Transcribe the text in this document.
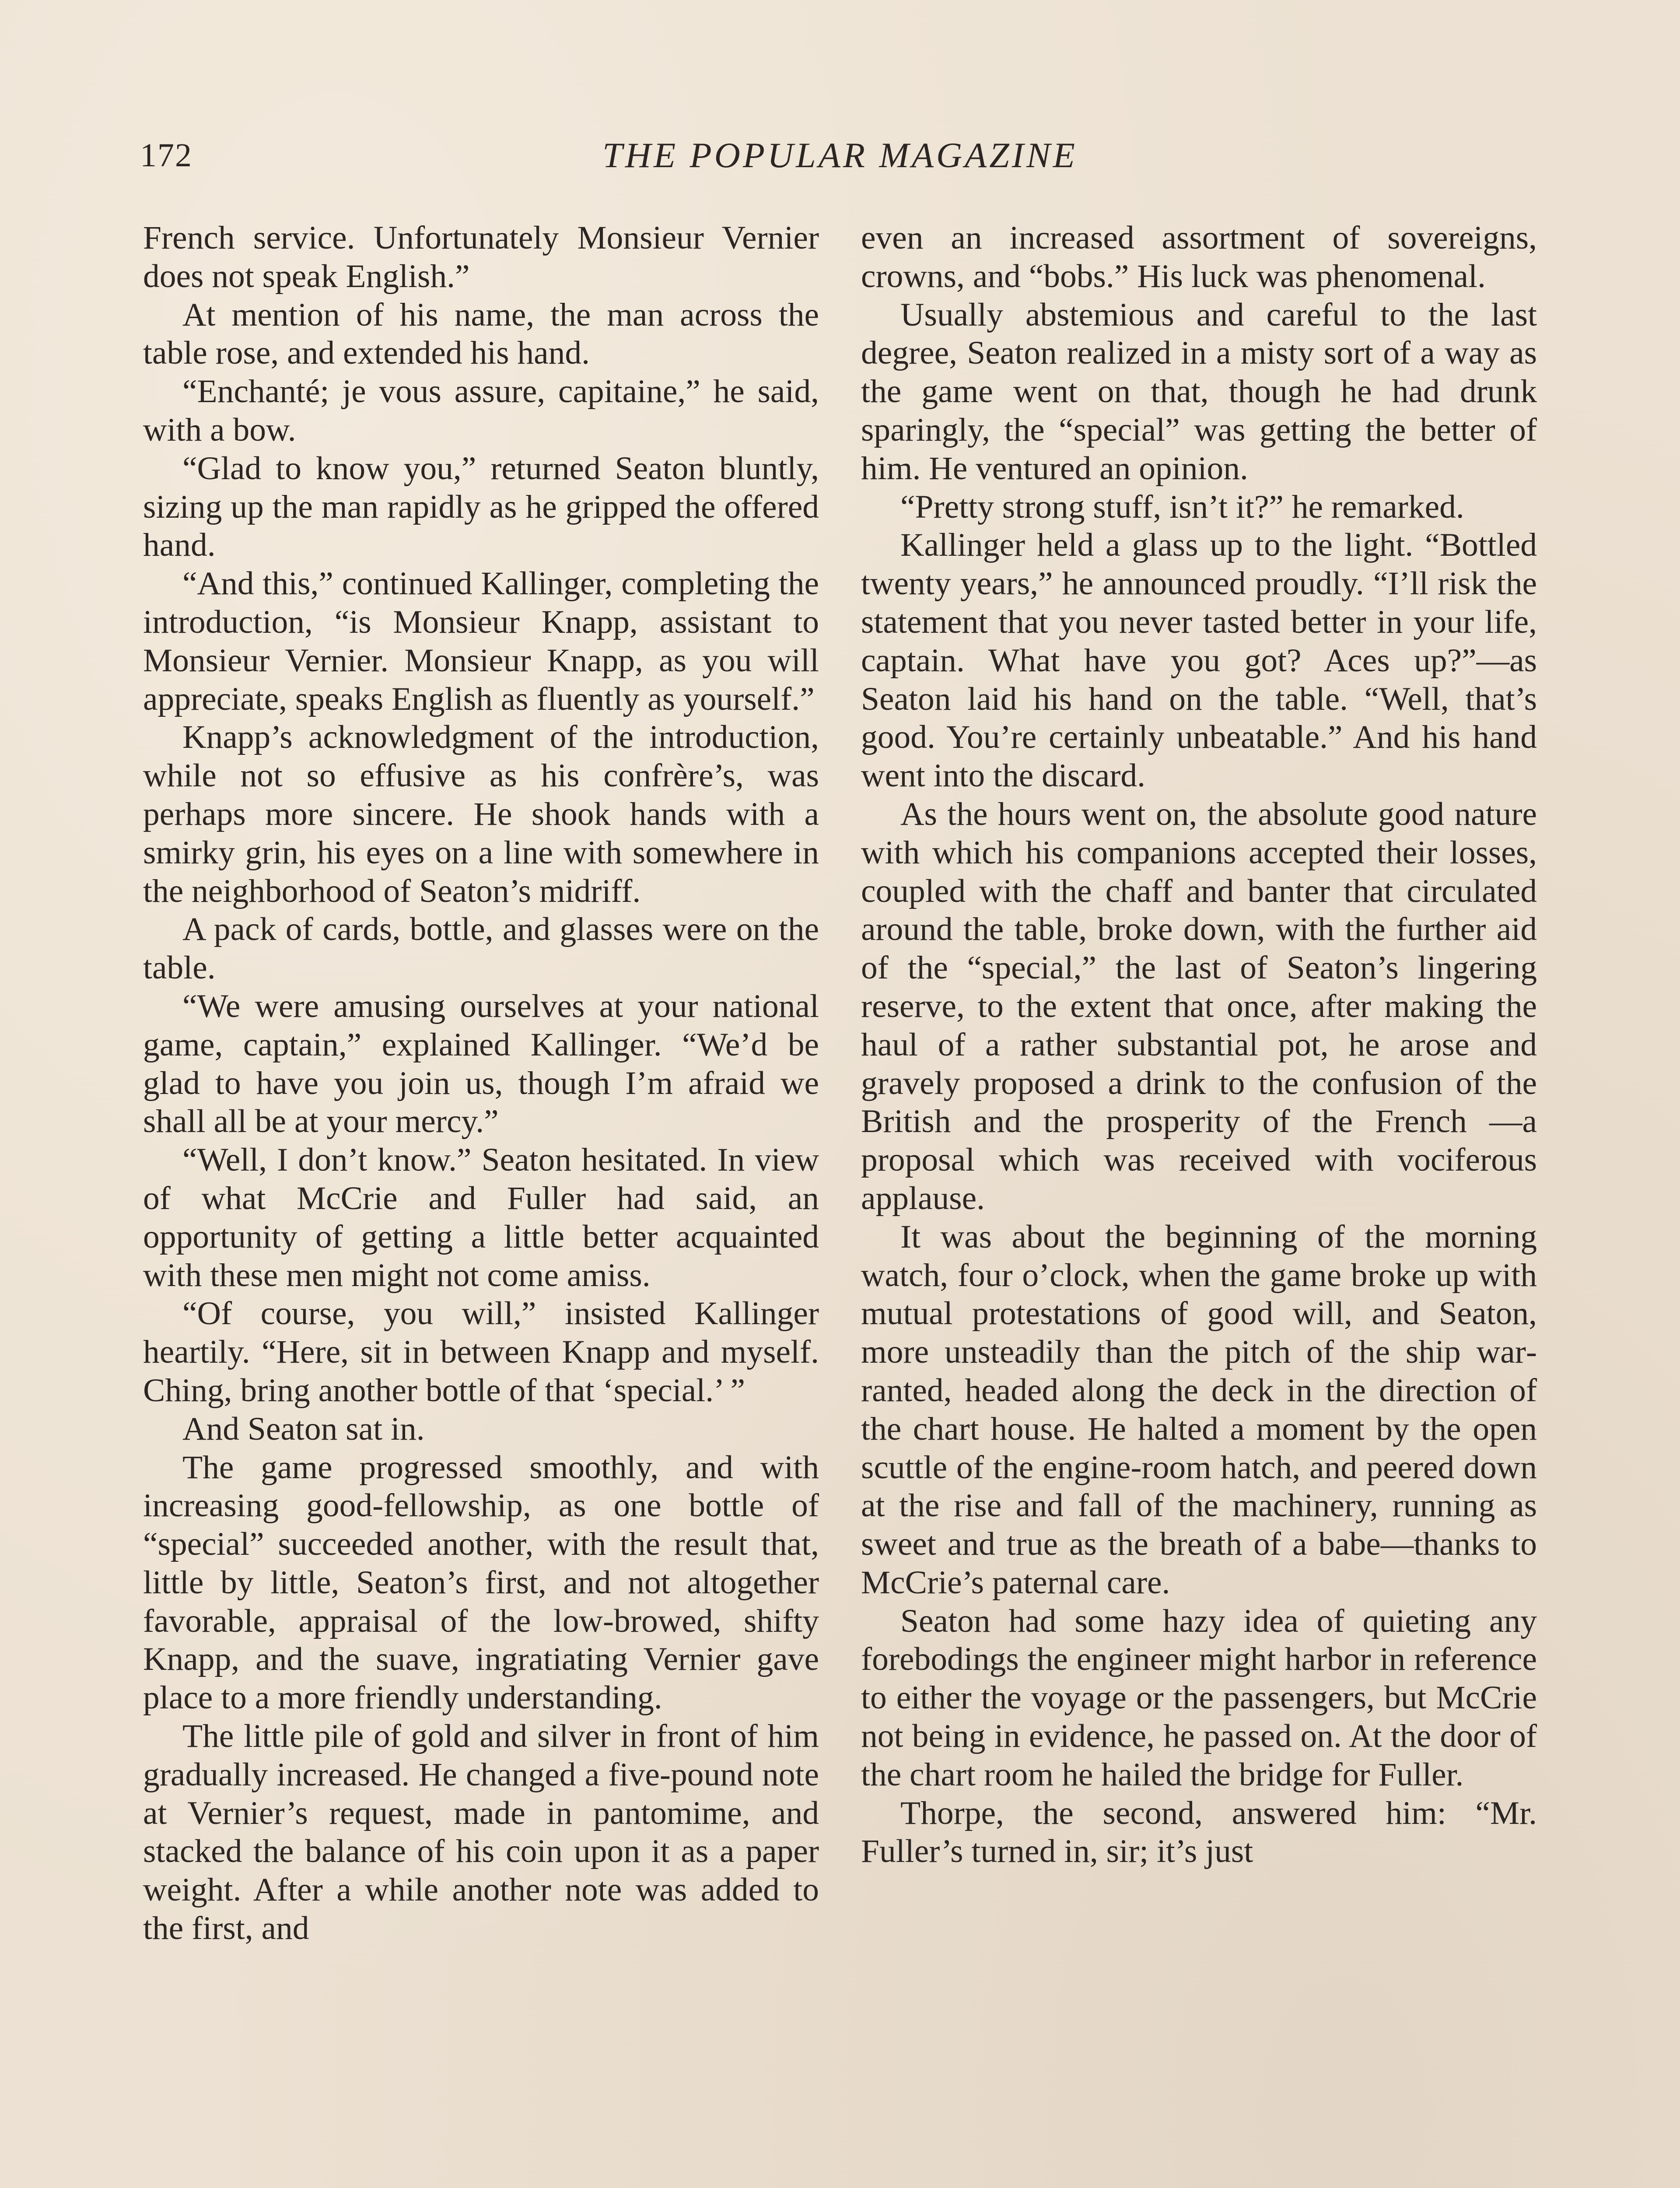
172	THE POPULAR MAGAZINE

French service. Unfortunately Monsieur Vernier does not speak English.”

At mention of his name, the man across the table rose, and extended his hand.

“Enchanté; je vous assure, capitaine,” he said, with a bow.

“Glad to know you,” returned Seaton bluntly, sizing up the man rapidly as he gripped the offered hand.

“And this,” continued Kallinger, completing the introduction, “is Monsieur Knapp, assistant to Monsieur Vernier. Monsieur Knapp, as you will appreciate, speaks English as fluently as yourself.”

Knapp’s acknowledgment of the introduction, while not so effusive as his confrère’s, was perhaps more sincere. He shook hands with a smirky grin, his eyes on a line with somewhere in the neighborhood of Seaton’s midriff.

A pack of cards, bottle, and glasses were on the table.

“We were amusing ourselves at your national game, captain,” explained Kallinger. “We’d be glad to have you join us, though I’m afraid we shall all be at your mercy.”

“Well, I don’t know.” Seaton hesitated. In view of what McCrie and Fuller had said, an opportunity of getting a little better acquainted with these men might not come amiss.

“Of course, you will,” insisted Kallinger heartily. “Here, sit in between Knapp and myself. Ching, bring another bottle of that ‘special.’ ”

And Seaton sat in.

The game progressed smoothly, and with increasing good-fellowship, as one bottle of “special” succeeded another, with the result that, little by little, Seaton’s first, and not altogether favorable, appraisal of the low-browed, shifty Knapp, and the suave, ingratiating Vernier gave place to a more friendly understanding.

The little pile of gold and silver in front of him gradually increased. He changed a five-pound note at Vernier’s request, made in pantomime, and stacked the balance of his coin upon it as a paper weight. After a while another note was added to the first, and

even an increased assortment of sovereigns, crowns, and “bobs.” His luck was phenomenal.

Usually abstemious and careful to the last degree, Seaton realized in a misty sort of a way as the game went on that, though he had drunk sparingly, the “special” was getting the better of him. He ventured an opinion.

“Pretty strong stuff, isn’t it?” he remarked.

Kallinger held a glass up to the light. “Bottled twenty years,” he announced proudly. “I’ll risk the statement that you never tasted better in your life, captain. What have you got? Aces up?”—as Seaton laid his hand on the table. “Well, that’s good. You’re certainly unbeatable.” And his hand went into the discard.

As the hours went on, the absolute good nature with which his companions accepted their losses, coupled with the chaff and banter that circulated around the table, broke down, with the further aid of the “special,” the last of Seaton’s lingering reserve, to the extent that once, after making the haul of a rather substantial pot, he arose and gravely proposed a drink to the confusion of the British and the prosperity of the French —a proposal which was received with vociferous applause.

It was about the beginning of the morning watch, four o’clock, when the game broke up with mutual protestations of good will, and Seaton, more unsteadily than the pitch of the ship warranted, headed along the deck in the direction of the chart house. He halted a moment by the open scuttle of the engine-room hatch, and peered down at the rise and fall of the machinery, running as sweet and true as the breath of a babe—thanks to McCrie’s paternal care.

Seaton had some hazy idea of quieting any forebodings the engineer might harbor in reference to either the voyage or the passengers, but McCrie not being in evidence, he passed on. At the door of the chart room he hailed the bridge for Fuller.

Thorpe, the second, answered him: “Mr. Fuller’s turned in, sir; it’s just
